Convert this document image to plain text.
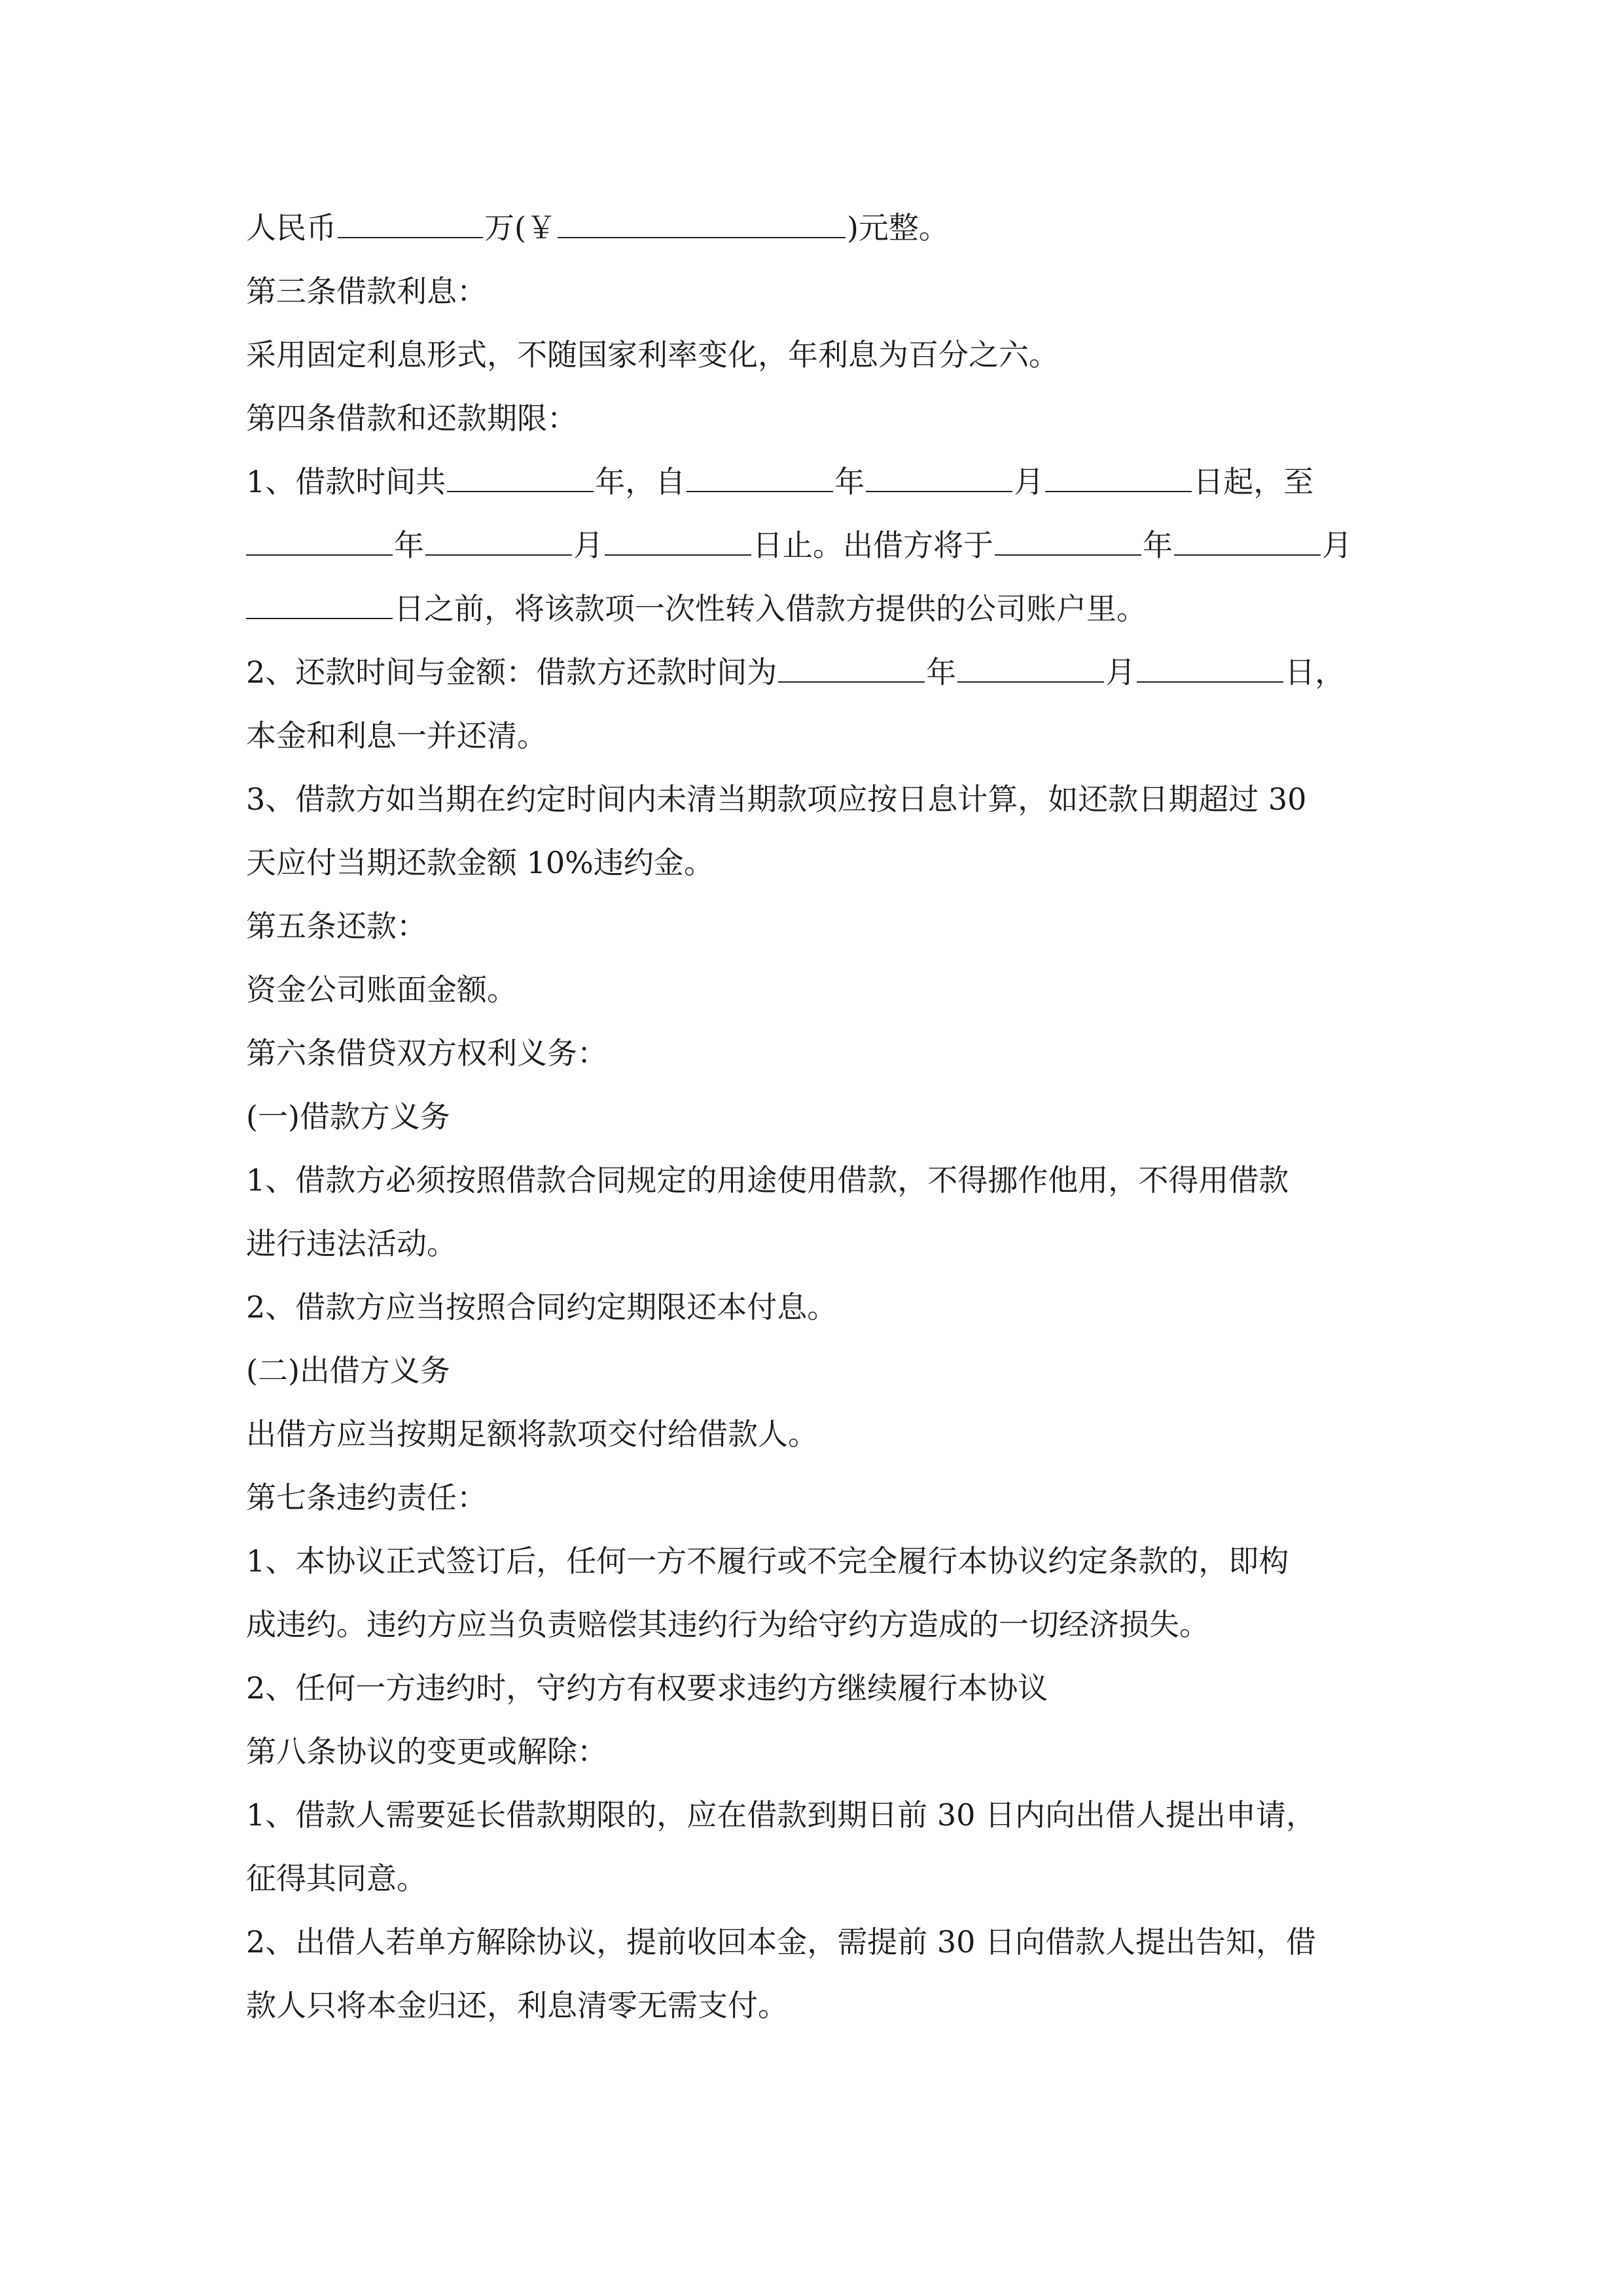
人民币	万(￥	)元整。
第三条借款利息：
采用固定利息形式，不随国家利率变化，年利息为百分之六。
第四条借款和还款期限：
1、借款时间共	年，自	年	月	日起，至
年	月	日止。出借方将于	年	月
日之前，将该款项一次性转入借款方提供的公司账户里。
2、还款时间与金额：借款方还款时间为	年	月	日，
本金和利息一并还清。
3、借款方如当期在约定时间内未清当期款项应按日息计算，如还款日期超过 30
天应付当期还款金额 10%违约金。
第五条还款：
资金公司账面金额。
第六条借贷双方权利义务：
(一)借款方义务
1、借款方必须按照借款合同规定的用途使用借款，不得挪作他用，不得用借款
进行违法活动。
2、借款方应当按照合同约定期限还本付息。
(二)出借方义务
出借方应当按期足额将款项交付给借款人。
第七条违约责任：
1、本协议正式签订后，任何一方不履行或不完全履行本协议约定条款的，即构
成违约。违约方应当负责赔偿其违约行为给守约方造成的一切经济损失。
2、任何一方违约时，守约方有权要求违约方继续履行本协议
第八条协议的变更或解除：
1、借款人需要延长借款期限的，应在借款到期日前 30 日内向出借人提出申请，
征得其同意。
2、出借人若单方解除协议，提前收回本金，需提前 30 日向借款人提出告知，借
款人只将本金归还，利息清零无需支付。
